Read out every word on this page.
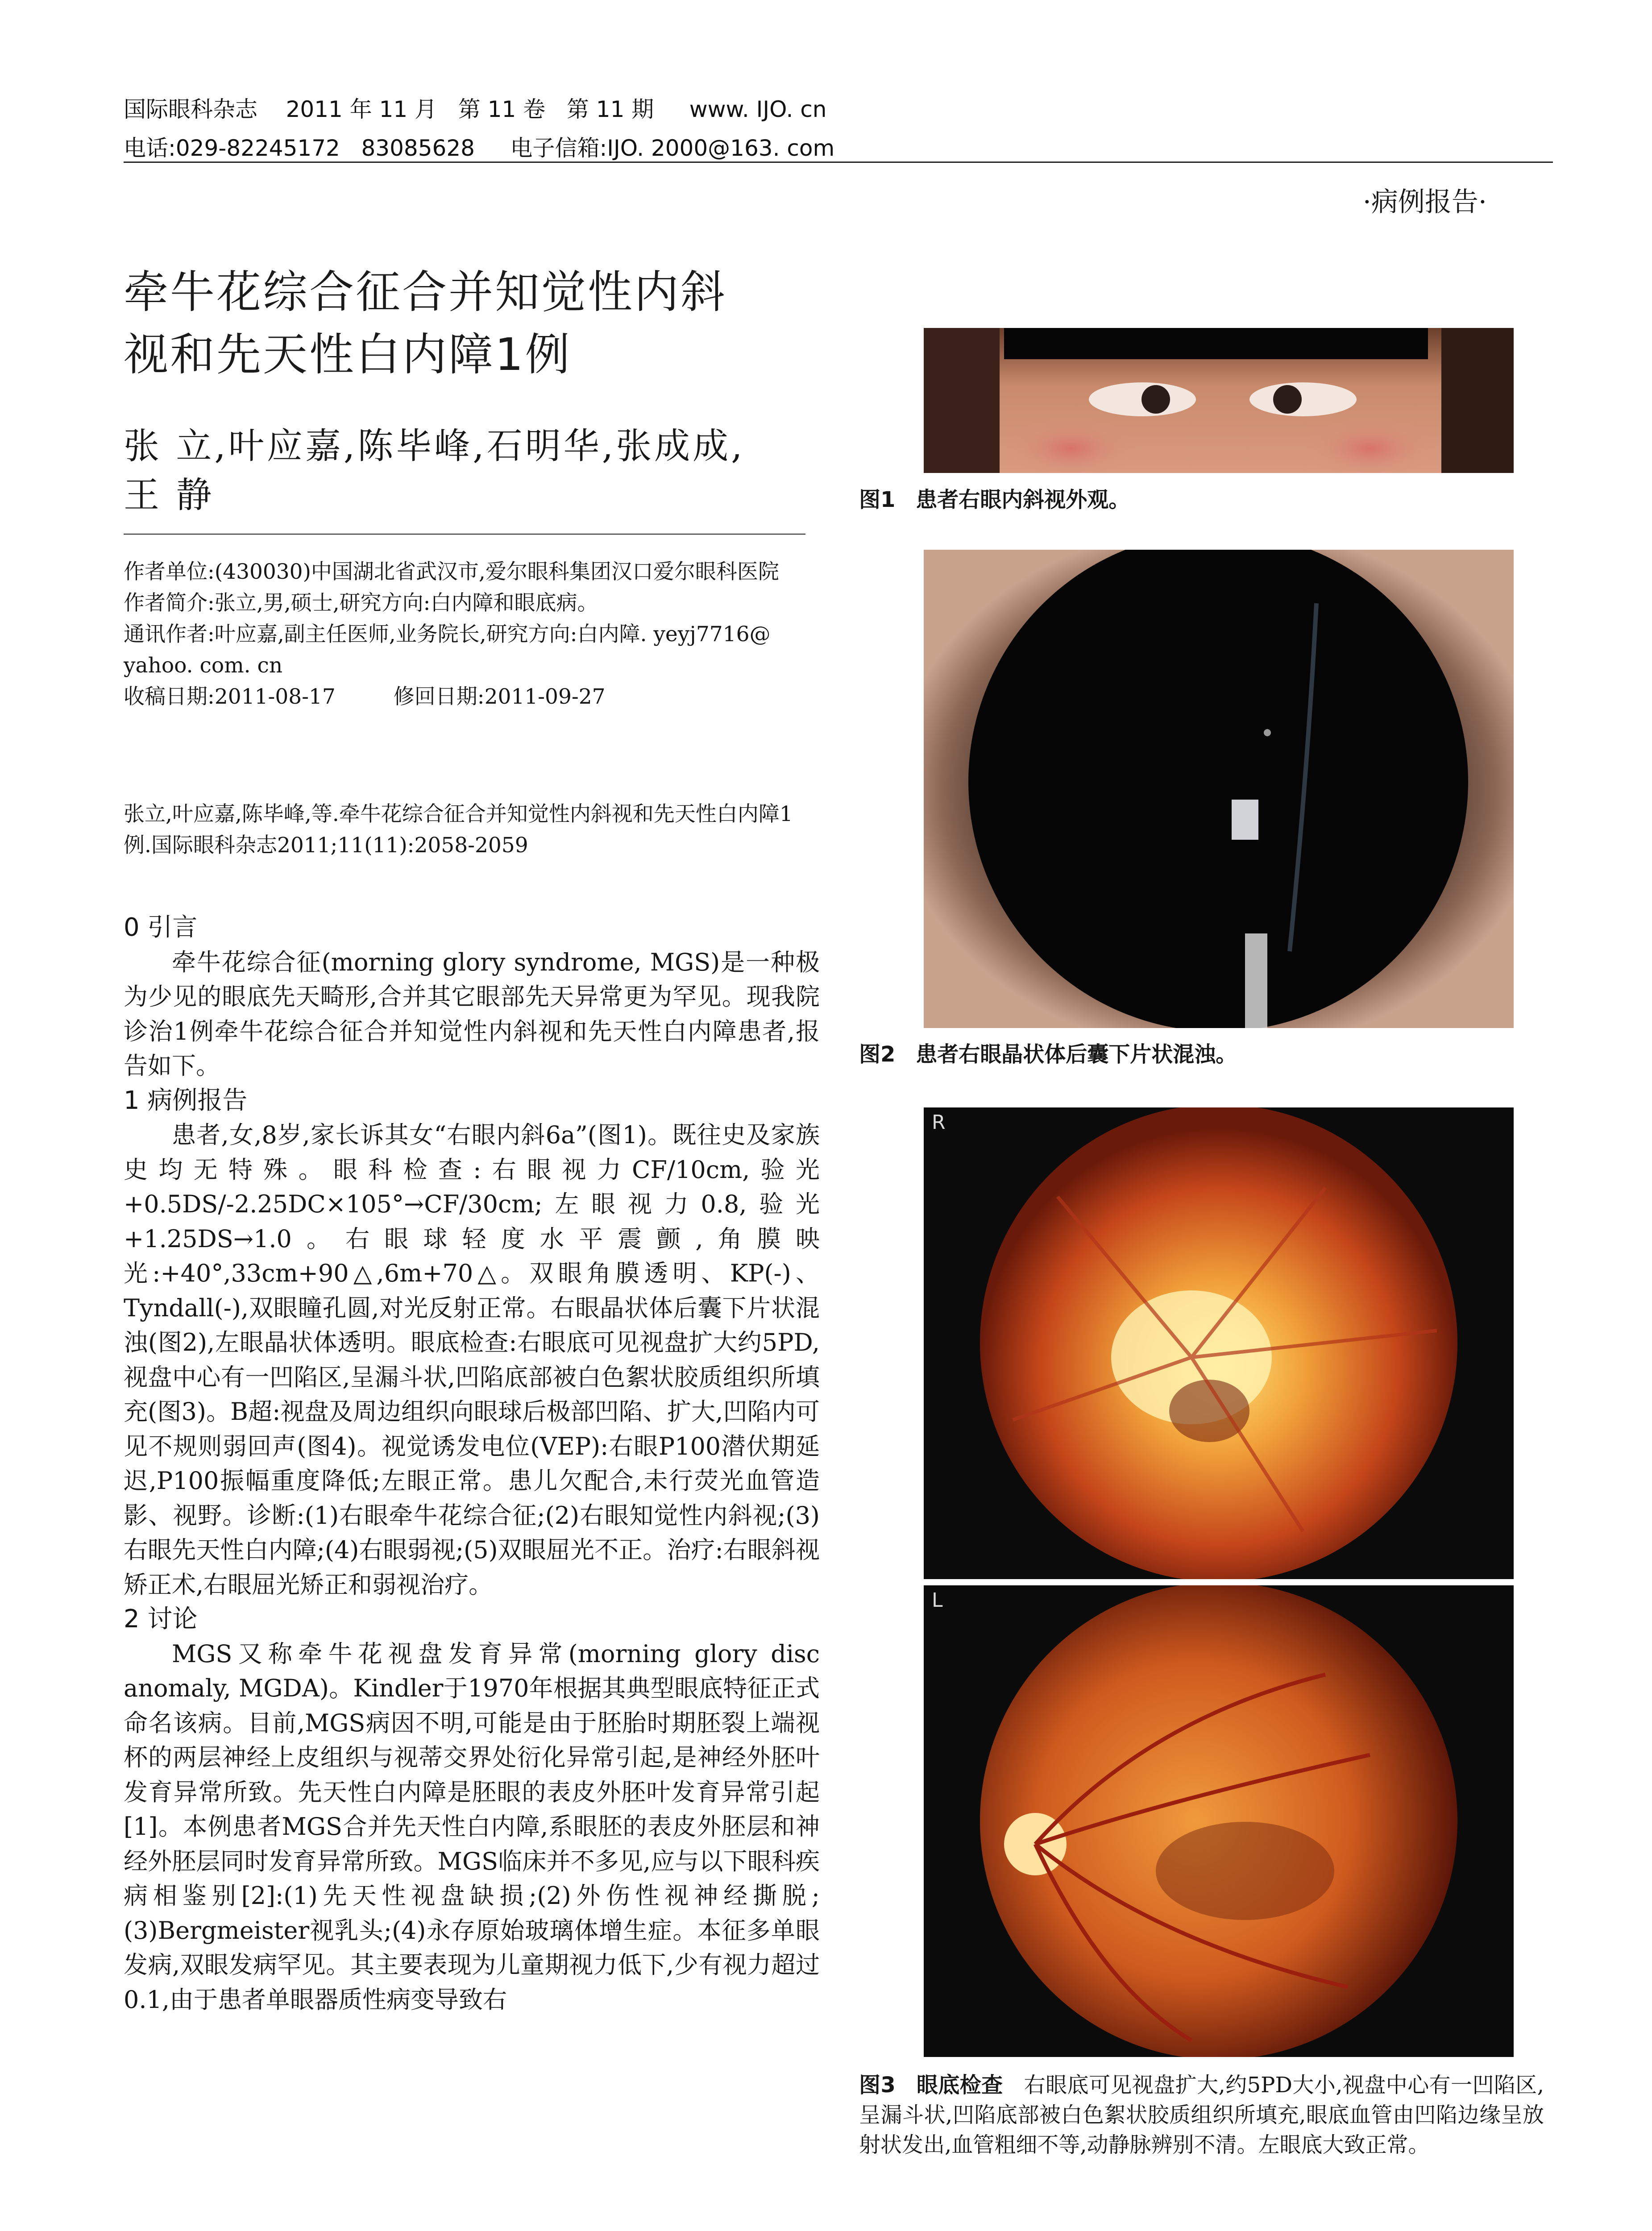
国际眼科杂志    2011 年 11 月   第 11 卷   第 11 期     www. IJO. cn
电话:029-82245172   83085628     电子信箱:IJO. 2000@163. com
·病例报告·
牵牛花综合征合并知觉性内斜
视和先天性白内障1例
张 立,叶应嘉,陈毕峰,石明华,张成成,
王 静
作者单位:(430030)中国湖北省武汉市,爱尔眼科集团汉口爱尔眼科医院
作者简介:张立,男,硕士,研究方向:白内障和眼底病。
通讯作者:叶应嘉,副主任医师,业务院长,研究方向:白内障. yeyj7716@ yahoo. com. cn
收稿日期:2011-08-17	修回日期:2011-09-27
张立,叶应嘉,陈毕峰,等.牵牛花综合征合并知觉性内斜视和先天性白内障1例.国际眼科杂志2011;11(11):2058-2059
0 引言

牵牛花综合征(morning glory syndrome, MGS)是一种极为少见的眼底先天畸形,合并其它眼部先天异常更为罕见。现我院诊治1例牵牛花综合征合并知觉性内斜视和先天性白内障患者,报告如下。

1 病例报告

患者,女,8岁,家长诉其女“右眼内斜6a”(图1)。既往史及家族史均无特殊。眼科检查:右眼视力CF/10cm,验光+0.5DS/-2.25DC×105°→CF/30cm;左眼视力0.8,验光+1.25DS→1.0。右眼球轻度水平震颤,角膜映光:+40°,33cm+90△,6m+70△。双眼角膜透明、KP(-)、Tyndall(-),双眼瞳孔圆,对光反射正常。右眼晶状体后囊下片状混浊(图2),左眼晶状体透明。眼底检查:右眼底可见视盘扩大约5PD,视盘中心有一凹陷区,呈漏斗状,凹陷底部被白色絮状胶质组织所填充(图3)。B超:视盘及周边组织向眼球后极部凹陷、扩大,凹陷内可见不规则弱回声(图4)。视觉诱发电位(VEP):右眼P100潜伏期延迟,P100振幅重度降低;左眼正常。患儿欠配合,未行荧光血管造影、视野。诊断:(1)右眼牵牛花综合征;(2)右眼知觉性内斜视;(3)右眼先天性白内障;(4)右眼弱视;(5)双眼屈光不正。治疗:右眼斜视矫正术,右眼屈光矫正和弱视治疗。

2 讨论

MGS又称牵牛花视盘发育异常(morning glory disc anomaly, MGDA)。Kindler于1970年根据其典型眼底特征正式命名该病。目前,MGS病因不明,可能是由于胚胎时期胚裂上端视杯的两层神经上皮组织与视蒂交界处衍化异常引起,是神经外胚叶发育异常所致。先天性白内障是胚眼的表皮外胚叶发育异常引起[1]。本例患者MGS合并先天性白内障,系眼胚的表皮外胚层和神经外胚层同时发育异常所致。MGS临床并不多见,应与以下眼科疾病相鉴别[2]:(1)先天性视盘缺损;(2)外伤性视神经撕脱;(3)Bergmeister视乳头;(4)永存原始玻璃体增生症。本征多单眼发病,双眼发病罕见。其主要表现为儿童期视力低下,少有视力超过0.1,由于患者单眼器质性病变导致右

图1 患者右眼内斜视外观。
图2 患者右眼晶状体后囊下片状混浊。
R
L
图3 眼底检查 右眼底可见视盘扩大,约5PD大小,视盘中心有一凹陷区,呈漏斗状,凹陷底部被白色絮状胶质组织所填充,眼底血管由凹陷边缘呈放射状发出,血管粗细不等,动静脉辨别不清。左眼底大致正常。
